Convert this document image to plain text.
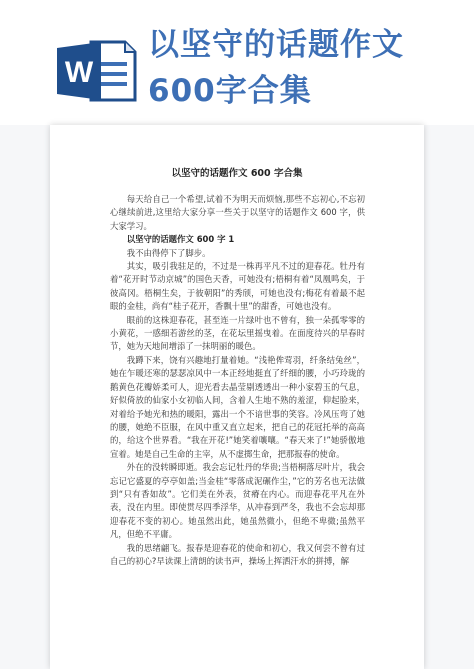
W
以坚守的话题作文
600字合集
以坚守的话题作文 600 字合集

每天给自己一个希望,试着不为明天而烦恼,那些不忘初心,不忘初心继续前进,这里给大家分享一些关于以坚守的话题作文 600 字，供大家学习。

以坚守的话题作文 600 字 1

我不由得停下了脚步。

其实，吸引我驻足的，不过是一株再平凡不过的迎春花。牡丹有着“花开时节动京城”的国色天香，可她没有;梧桐有着“凤凰鸣矣，于彼高冈。梧桐生矣，于彼朝阳”的秀颀，可她也没有;梅花有着最不起眼的金桂，尚有“桂子花开，香飘十里”的甜香，可她也没有。

眼前的这株迎春花，甚至连一片绿叶也不曾有，独一朵孤零零的小黄花，一感细若游丝的茎，在花坛里摇曳着。在面度待兴的早春时节，她为天地间增添了一抹明丽的暖色。

我蹲下来，饶有兴趣地打量着她。“浅艳侔莺羽，纤条结兔丝”，她在乍暖还寒的瑟瑟凉风中一本正经地挺直了纤细的腰，小巧玲珑的鹅黄色花瓣娇柔可人，迎光看去晶莹剔透透出一种小家碧玉的气息，好似倚放的仙家小女初临人间，含着人生地不熟的羞涩，仰起脸来，对着给予她光和热的暖阳，露出一个不谙世事的笑容。冷风压弯了她的腰，她绝不臣服，在风中重又直立起来，把自己的花冠托举的高高的，给这个世界看。“我在开花!”她笑着嚷嚷。“春天来了!”她骄傲地宣着。她是自己生命的主宰，从不虚掷生命，把那报春的使命。

外在的没转瞬即逝。我会忘记牡丹的华贵;当梧桐落尽叶片，我会忘记它盛夏的亭亭如盖;当金桂“零落成泥碾作尘，”它的芳名也无法做到“只有香如故”。它们美在外表，贫瘠在内心。而迎春花平凡在外表，没在内里。即使贯尽四季浮华，从冲春到严冬，我也不会忘却那迎春花不变的初心。她虽然出此，她虽然微小，但绝不卑微;虽然平凡，但绝不平庸。

我的思绪翩飞。报春是迎春花的使命和初心，我又何尝不曾有过自己的初心?早读课上清朗的读书声，操场上挥洒汗水的拼搏，解
